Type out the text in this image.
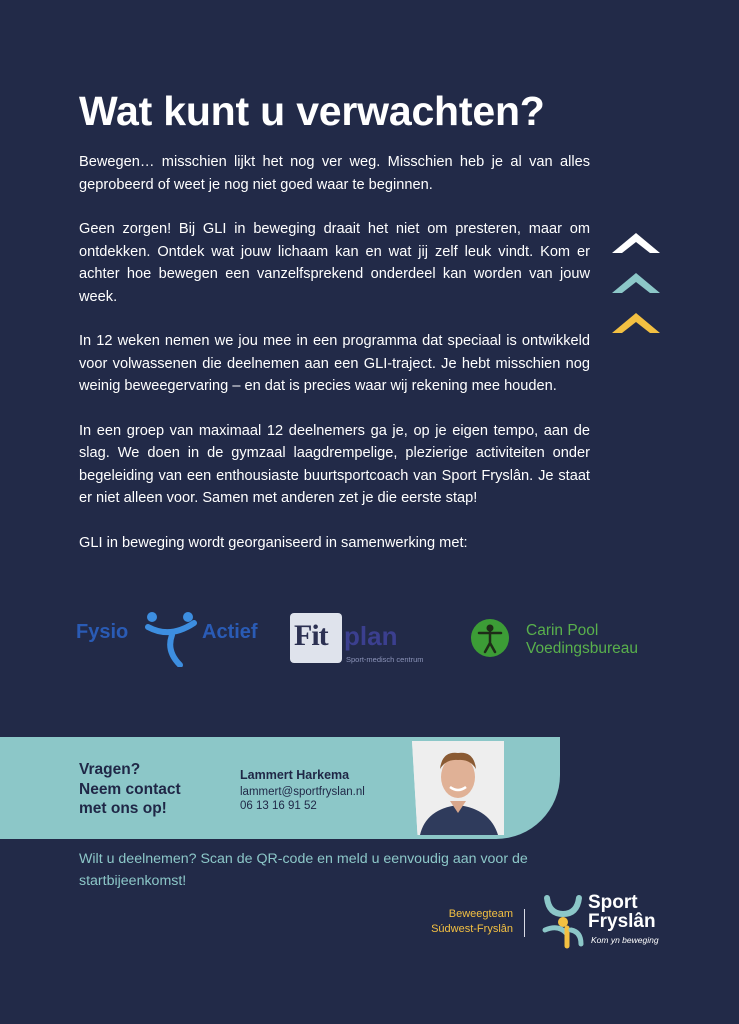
Wat kunt u verwachten?

Bewegen… misschien lijkt het nog ver weg. Misschien heb je al van alles geprobeerd of weet je nog niet goed waar te beginnen.

Geen zorgen! Bij GLI in beweging draait het niet om presteren, maar om ontdekken. Ontdek wat jouw lichaam kan en wat jij zelf leuk vindt. Kom er achter hoe bewegen een vanzelfsprekend onderdeel kan worden van jouw week.

In 12 weken nemen we jou mee in een programma dat speciaal is ontwikkeld voor volwassenen die deelnemen aan een GLI-traject. Je hebt misschien nog weinig beweegervaring – en dat is precies waar wij rekening mee houden.

In een groep van maximaal 12 deelnemers ga je, op je eigen tempo, aan de slag. We doen in de gymzaal laagdrempelige, plezierige activiteiten onder begeleiding van een enthousiaste buurtsportcoach van Sport Fryslân. Je staat er niet alleen voor. Samen met anderen zet je die eerste stap!

GLI in beweging wordt georganiseerd in samenwerking met:

Fysio	Actief Fit plan
Sport-medisch centrum
Carin Pool
Voedingsbureau
Vragen?
Neem contact
met ons op!
Lammert Harkema
lammert@sportfryslan.nl
06 13 16 91 52
Wilt u deelnemen? Scan de QR-code en meld u eenvoudig aan voor de startbijeenkomst!
Beweegteam
Súdwest-Fryslân
Sport
Fryslân
Kom yn beweging
